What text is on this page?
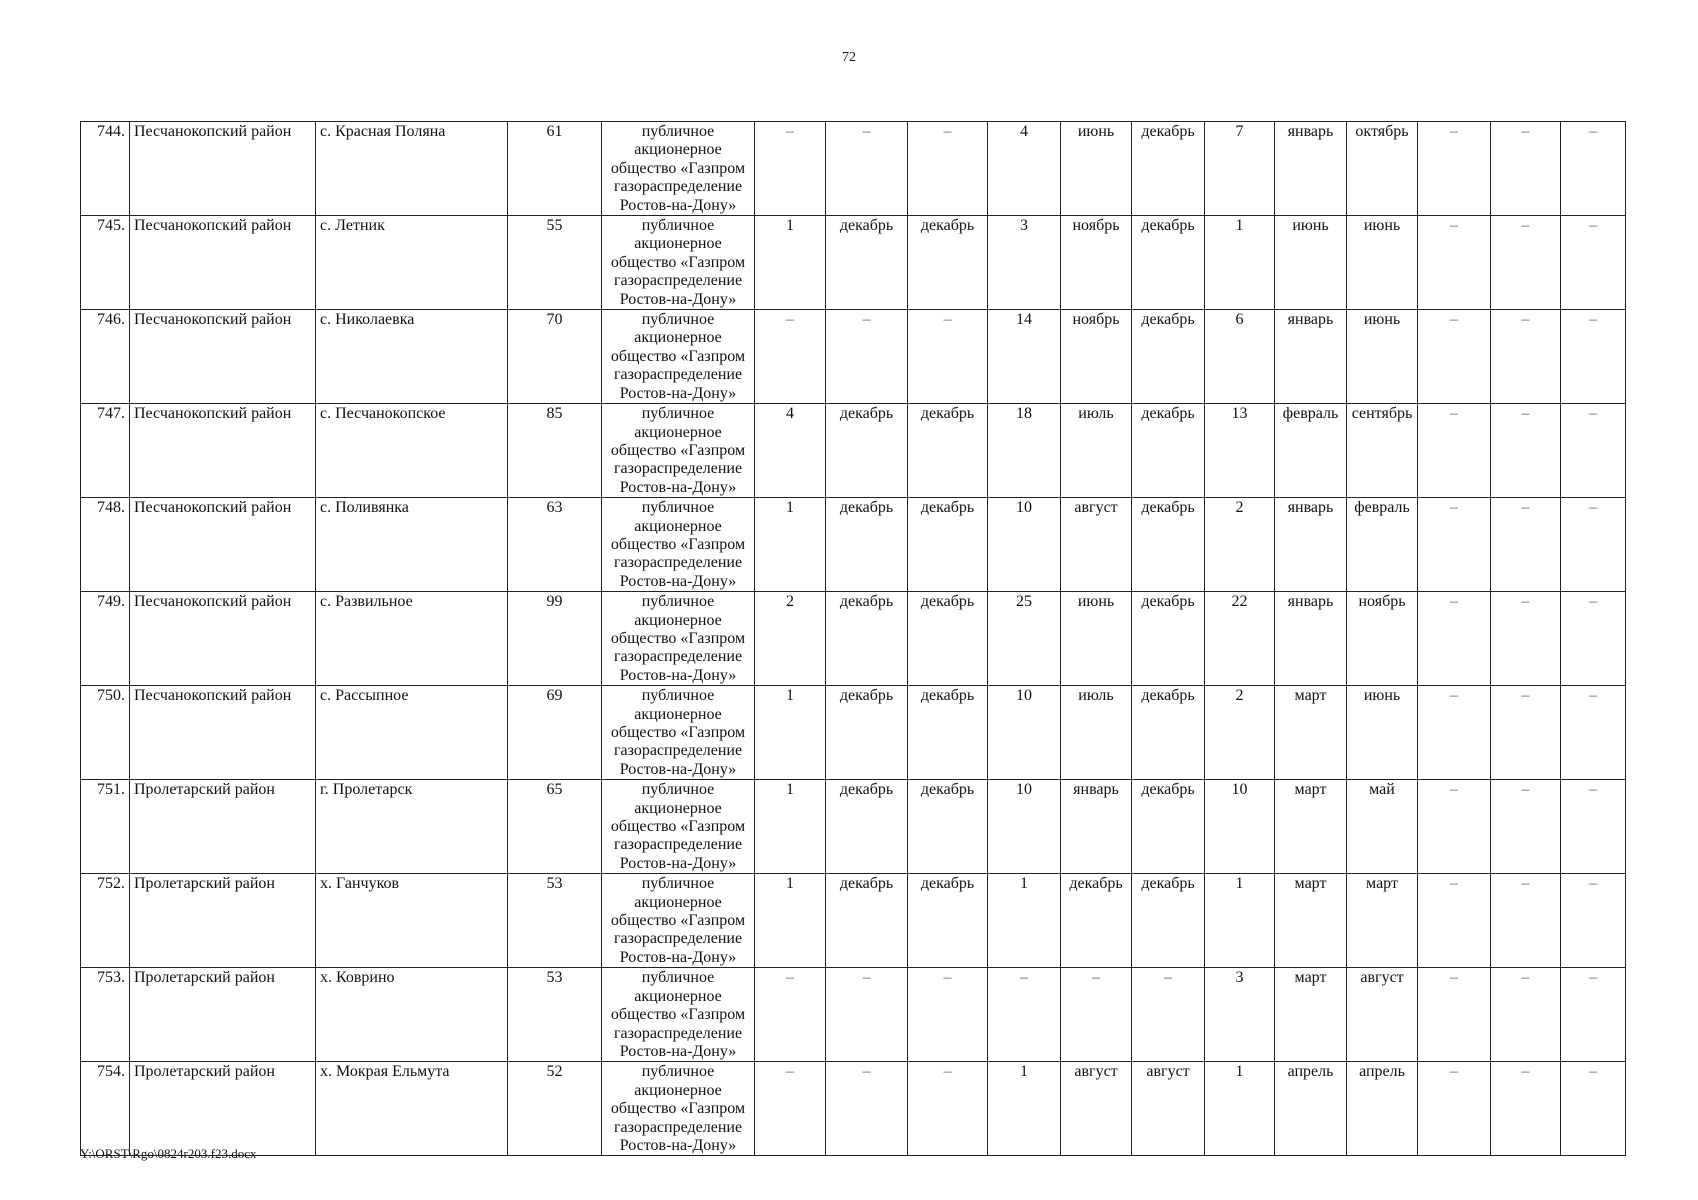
72
744.	Песчанокопский район	с. Красная Поляна	61	публичное акционерное общество «Газпром газораспределение Ростов-на-Дону»	–	–	–	4	июнь	декабрь	7	январь	октябрь	–	–	–
745.	Песчанокопский район	с. Летник	55	публичное акционерное общество «Газпром газораспределение Ростов-на-Дону»	1	декабрь	декабрь	3	ноябрь	декабрь	1	июнь	июнь	–	–	–
746.	Песчанокопский район	с. Николаевка	70	публичное акционерное общество «Газпром газораспределение Ростов-на-Дону»	–	–	–	14	ноябрь	декабрь	6	январь	июнь	–	–	–
747.	Песчанокопский район	с. Песчанокопское	85	публичное акционерное общество «Газпром газораспределение Ростов-на-Дону»	4	декабрь	декабрь	18	июль	декабрь	13	февраль	сентябрь	–	–	–
748.	Песчанокопский район	с. Поливянка	63	публичное акционерное общество «Газпром газораспределение Ростов-на-Дону»	1	декабрь	декабрь	10	август	декабрь	2	январь	февраль	–	–	–
749.	Песчанокопский район	с. Развильное	99	публичное акционерное общество «Газпром газораспределение Ростов-на-Дону»	2	декабрь	декабрь	25	июнь	декабрь	22	январь	ноябрь	–	–	–
750.	Песчанокопский район	с. Рассыпное	69	публичное акционерное общество «Газпром газораспределение Ростов-на-Дону»	1	декабрь	декабрь	10	июль	декабрь	2	март	июнь	–	–	–
751.	Пролетарский район	г. Пролетарск	65	публичное акционерное общество «Газпром газораспределение Ростов-на-Дону»	1	декабрь	декабрь	10	январь	декабрь	10	март	май	–	–	–
752.	Пролетарский район	х. Ганчуков	53	публичное акционерное общество «Газпром газораспределение Ростов-на-Дону»	1	декабрь	декабрь	1	декабрь	декабрь	1	март	март	–	–	–
753.	Пролетарский район	х. Коврино	53	публичное акционерное общество «Газпром газораспределение Ростов-на-Дону»	–	–	–	–	–	–	3	март	август	–	–	–
754.	Пролетарский район	х. Мокрая Ельмута	52	публичное акционерное общество «Газпром газораспределение Ростов-на-Дону»	–	–	–	1	август	август	1	апрель	апрель	–	–	–
Y:\ORST\Rgo\0824r203.f23.docx
